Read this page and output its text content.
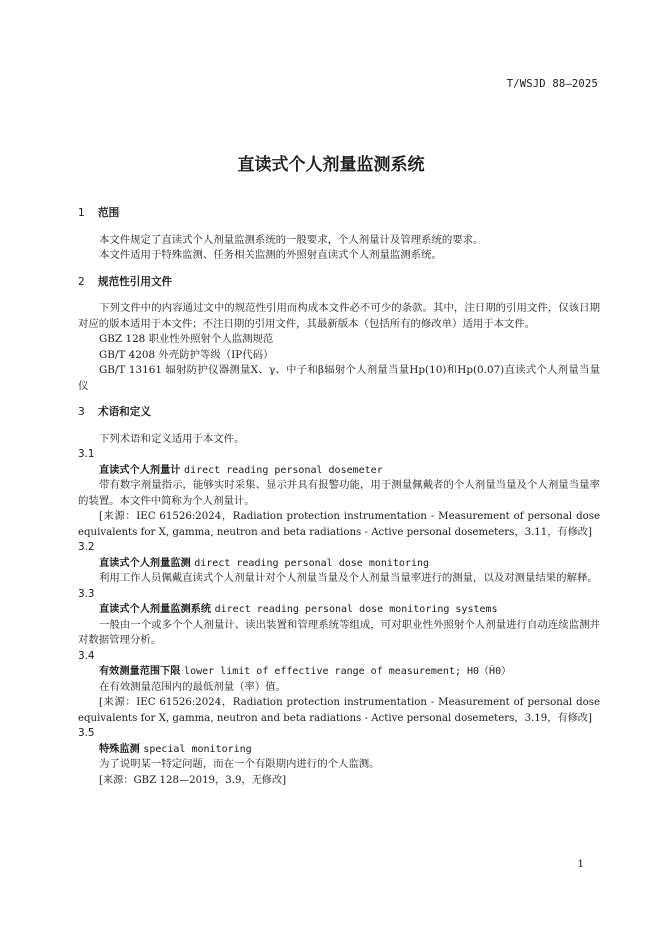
T/WSJD 88—2025
直读式个人剂量监测系统

1 范围

本文件规定了直读式个人剂量监测系统的一般要求，个人剂量计及管理系统的要求。

本文件适用于特殊监测、任务相关监测的外照射直读式个人剂量监测系统。

2 规范性引用文件

下列文件中的内容通过文中的规范性引用而构成本文件必不可少的条款。其中，注日期的引用文件，仅该日期对应的版本适用于本文件；不注日期的引用文件，其最新版本（包括所有的修改单）适用于本文件。

GBZ 128 职业性外照射个人监测规范

GB/T 4208 外壳防护等级（IP代码）

GB/T 13161 辐射防护仪器测量X、γ、中子和β辐射个人剂量当量Hp(10)和Hp(0.07)直读式个人剂量当量仪

3 术语和定义

下列术语和定义适用于本文件。

3.1

直读式个人剂量计 direct reading personal dosemeter

带有数字剂量指示，能够实时采集、显示并具有报警功能，用于测量佩戴者的个人剂量当量及个人剂量当量率的装置。本文件中简称为个人剂量计。

[来源：IEC 61526:2024，Radiation protection instrumentation - Measurement of personal dose equivalents for X, gamma, neutron and beta radiations - Active personal dosemeters，3.11，有修改]

3.2

直读式个人剂量监测 direct reading personal dose monitoring

利用工作人员佩戴直读式个人剂量计对个人剂量当量及个人剂量当量率进行的测量，以及对测量结果的解释。

3.3

直读式个人剂量监测系统 direct reading personal dose monitoring systems

一般由一个或多个个人剂量计、读出装置和管理系统等组成，可对职业性外照射个人剂量进行自动连续监测并对数据管理分析。

3.4

有效测量范围下限 lower limit of effective range of measurement; H0（Ḣ0）

在有效测量范围内的最低剂量（率）值。

[来源：IEC 61526:2024，Radiation protection instrumentation - Measurement of personal dose equivalents for X, gamma, neutron and beta radiations - Active personal dosemeters，3.19，有修改]

3.5

特殊监测 special monitoring

为了说明某一特定问题，而在一个有限期内进行的个人监测。

[来源：GBZ 128—2019，3.9，无修改]

1
